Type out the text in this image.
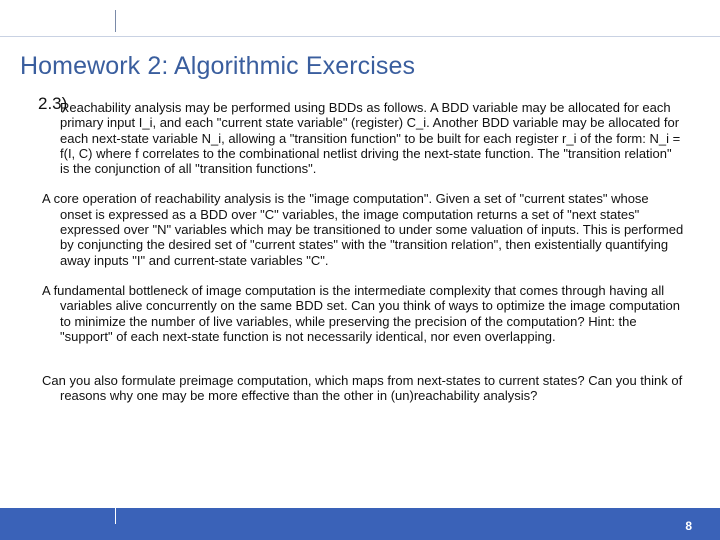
Homework 2: Algorithmic Exercises

2.3)
Reachability analysis may be performed using BDDs as follows. A BDD variable may be allocated for each primary input I_i, and each "current state variable" (register) C_i. Another BDD variable may be allocated for each next-state variable N_i, allowing a "transition function" to be built for each register r_i of the form: N_i = f(I, C) where f correlates to the combinational netlist driving the next-state function. The "transition relation" is the conjunction of all "transition functions".

A core operation of reachability analysis is the "image computation". Given a set of "current states" whose onset is expressed as a BDD over "C" variables, the image computation returns a set of "next states" expressed over "N" variables which may be transitioned to under some valuation of inputs. This is performed by conjuncting the desired set of "current states" with the "transition relation", then existentially quantifying away inputs "I" and current-state variables "C".

A fundamental bottleneck of image computation is the intermediate complexity that comes through having all variables alive concurrently on the same BDD set. Can you think of ways to optimize the image computation to minimize the number of live variables, while preserving the precision of the computation? Hint: the "support" of each next-state function is not necessarily identical, nor even overlapping.

Can you also formulate preimage computation, which maps from next-states to current states? Can you think of reasons why one may be more effective than the other in (un)reachability analysis?

8
